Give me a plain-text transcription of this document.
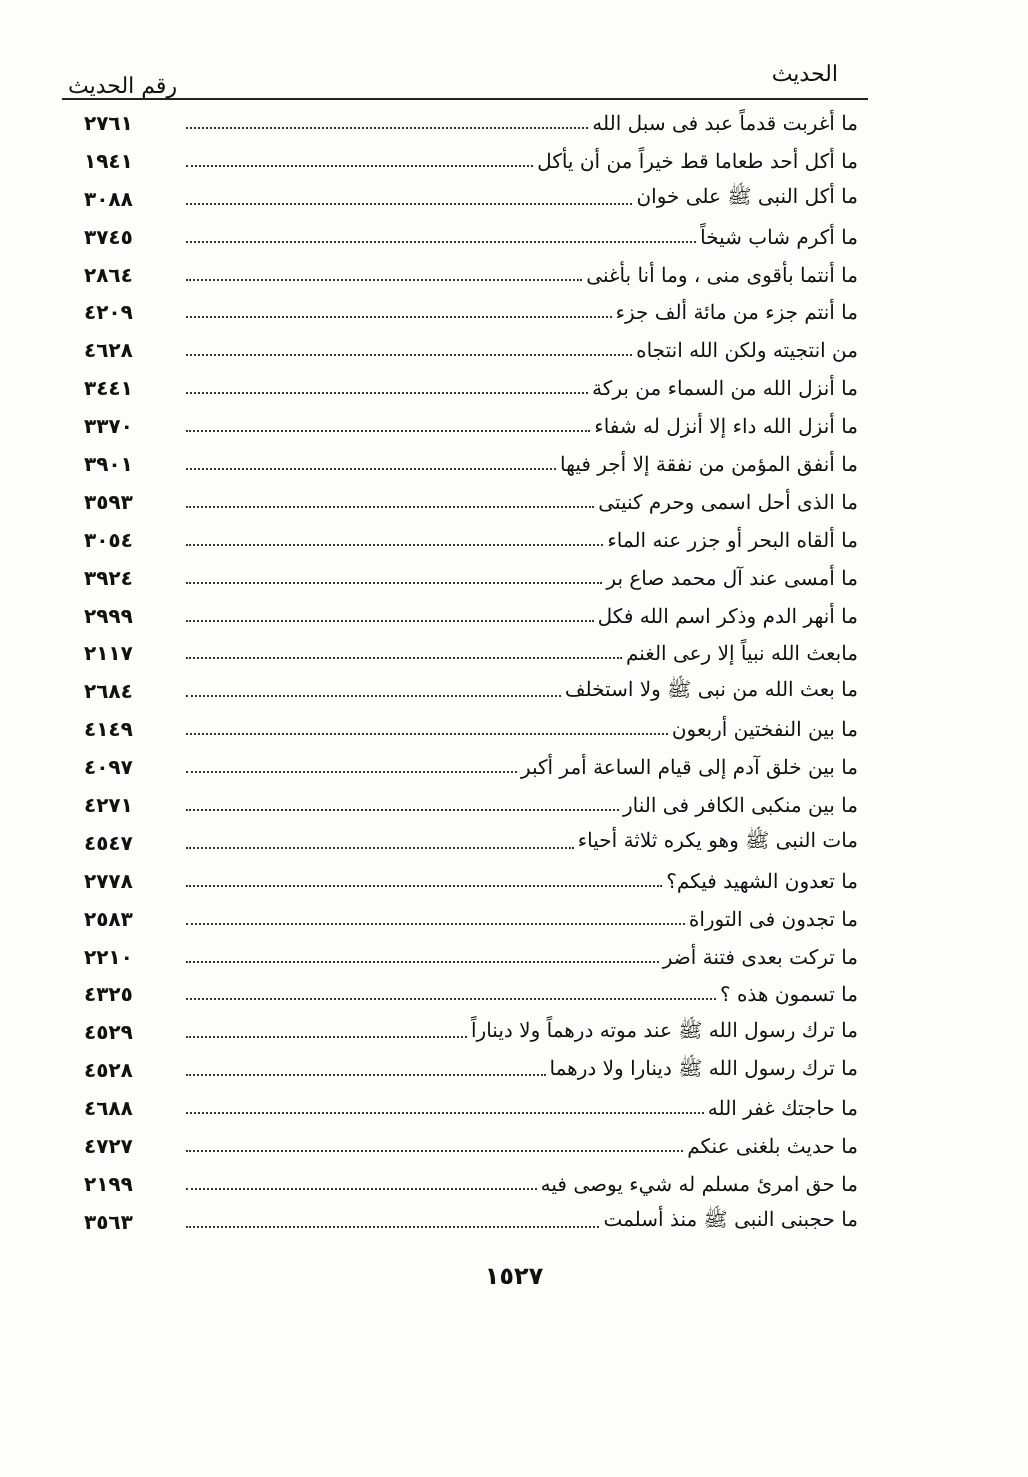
الحديث
رقم الحديث
ما أغربت قدماً عبد فى سبل الله
٢٧٦١
ما أكل أحد طعاما قط خيراً من أن يأكل
١٩٤١
ما أكل النبى ﷺ على خوان
٣٠٨٨
ما أكرم شاب شيخاً
٣٧٤٥
ما أنتما بأقوى منى ، وما أنا بأغنى
٢٨٦٤
ما أنتم جزء من مائة ألف جزء
٤٢٠٩
من انتجيته ولكن الله انتجاه
٤٦٢٨
ما أنزل الله من السماء من بركة
٣٤٤١
ما أنزل الله داء إلا أنزل له شفاء
٣٣٧٠
ما أنفق المؤمن من نفقة إلا أجر فيها
٣٩٠١
ما الذى أحل اسمى وحرم كنيتى
٣٥٩٣
ما ألقاه البحر أو جزر عنه الماء
٣٠٥٤
ما أمسى عند آل محمد صاع بر
٣٩٢٤
ما أنهر الدم وذكر اسم الله فكل
٢٩٩٩
مابعث الله نبياً إلا رعى الغنم
٢١١٧
ما بعث الله من نبى ﷺ ولا استخلف
٢٦٨٤
ما بين النفختين أربعون
٤١٤٩
ما بين خلق آدم إلى قيام الساعة أمر أكبر
٤٠٩٧
ما بين منكبى الكافر فى النار
٤٢٧١
مات النبى ﷺ وهو يكره ثلاثة أحياء
٤٥٤٧
ما تعدون الشهيد فيكم؟
٢٧٧٨
ما تجدون فى التوراة
٢٥٨٣
ما تركت بعدى فتنة أضر
٢٢١٠
ما تسمون هذه ؟
٤٣٢٥
ما ترك رسول الله ﷺ عند موته درهماً ولا ديناراً
٤٥٢٩
ما ترك رسول الله ﷺ دينارا ولا درهما
٤٥٢٨
ما حاجتك غفر الله
٤٦٨٨
ما حديث بلغنى عنكم
٤٧٢٧
ما حق امرئ مسلم له شيء يوصى فيه
٢١٩٩
ما حجبنى النبى ﷺ منذ أسلمت
٣٥٦٣
١٥٢٧
